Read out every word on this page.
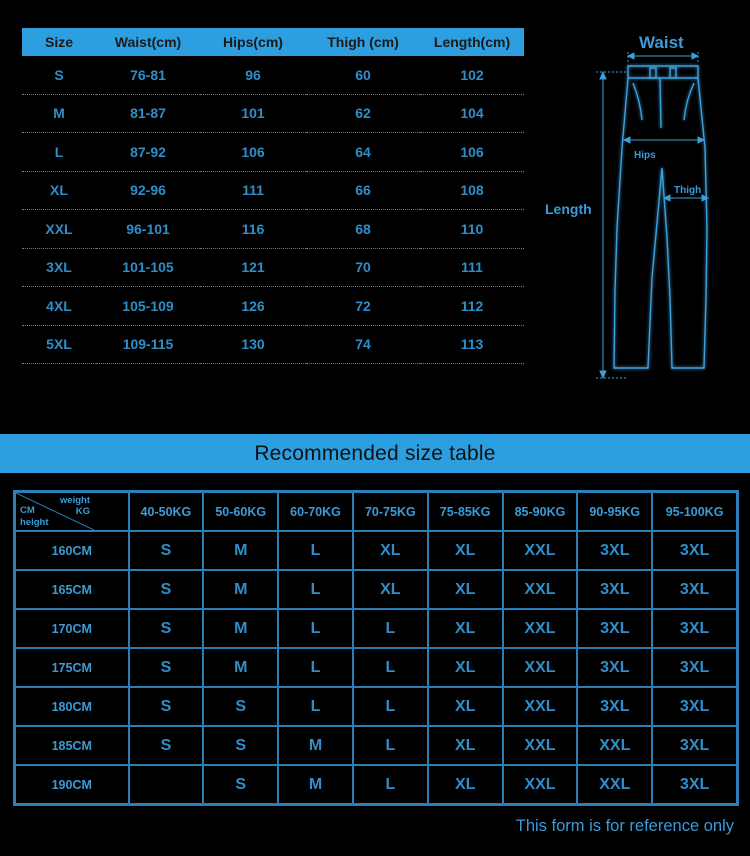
Size	Waist(cm)	Hips(cm)	Thigh (cm)	Length(cm)
S	76-81	96	60	102
M	81-87	101	62	104
L	87-92	106	64	106
XL	92-96	111	66	108
XXL	96-101	116	68	110
3XL	101-105	121	70	111
4XL	105-109	126	72	112
5XL	109-115	130	74	113
Waist
Hips
Thigh
Length
Recommended size table
weight
KG
CM
height	40-50KG	50-60KG	60-70KG	70-75KG	75-85KG	85-90KG	90-95KG	95-100KG
160CM	S	M	L	XL	XL	XXL	3XL	3XL
165CM	S	M	L	XL	XL	XXL	3XL	3XL
170CM	S	M	L	L	XL	XXL	3XL	3XL
175CM	S	M	L	L	XL	XXL	3XL	3XL
180CM	S	S	L	L	XL	XXL	3XL	3XL
185CM	S	S	M	L	XL	XXL	XXL	3XL
190CM		S	M	L	XL	XXL	XXL	3XL
This form is for reference only
